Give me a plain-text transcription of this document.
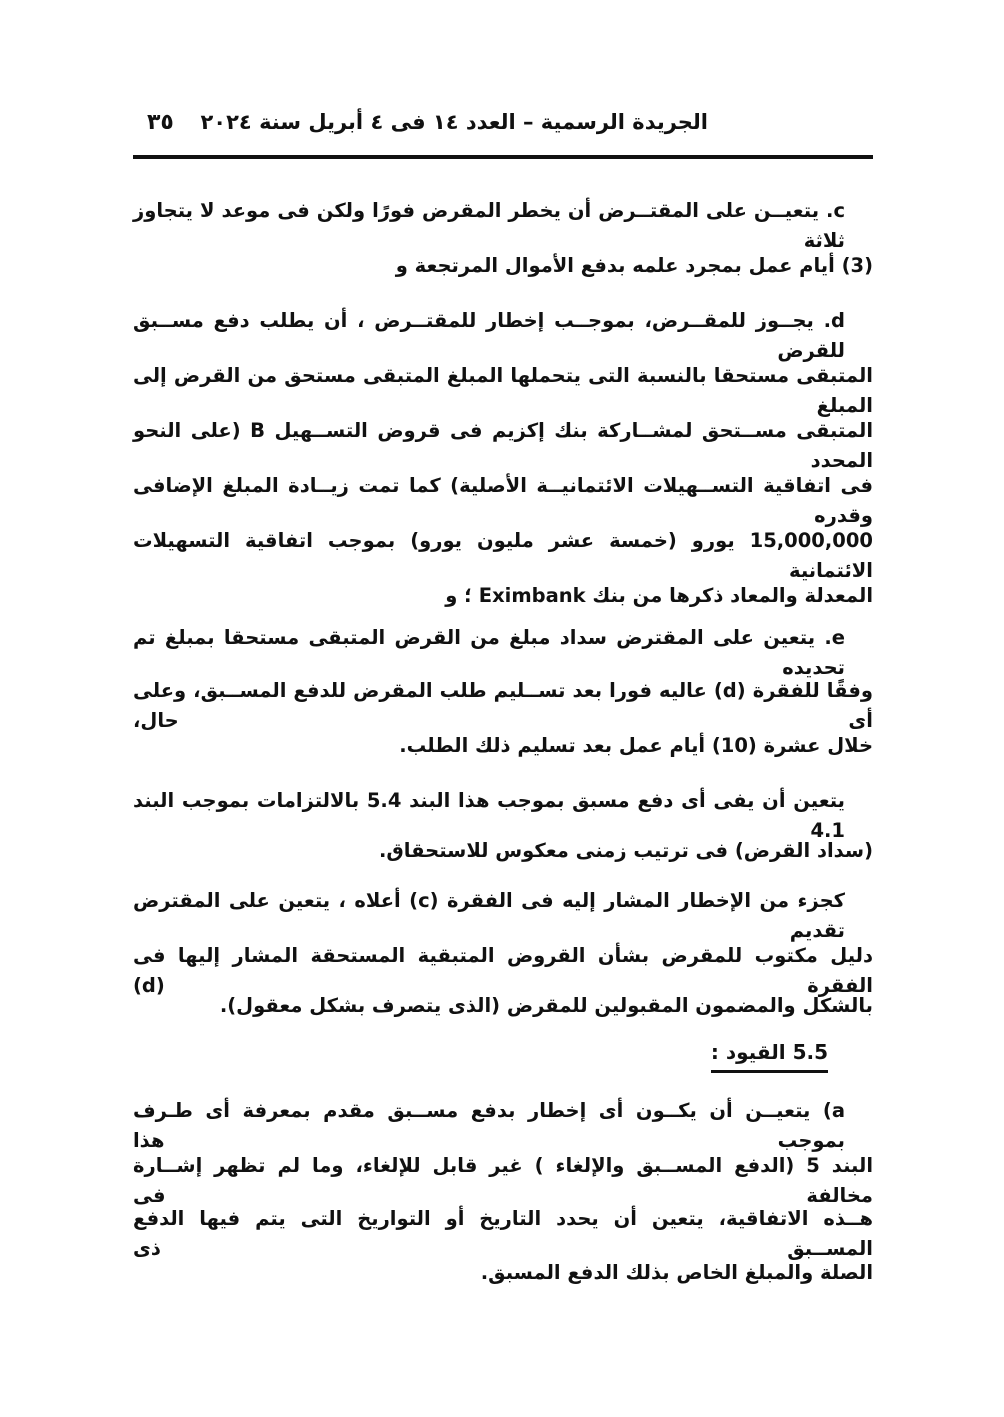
٣٥ الجريدة الرسمية – العدد ١٤ فى ٤ أبريل سنة ٢٠٢٤
c. يتعيــن على المقتــرض أن يخطر المقرض فورًا ولكن فى موعد لا يتجاوز ثلاثة
(3) أيام عمل بمجرد علمه بدفع الأموال المرتجعة و
d. يجــوز للمقــرض، بموجــب إخطار للمقتــرض ، أن يطلب دفع مســبق للقرض
المتبقى مستحقا بالنسبة التى يتحملها المبلغ المتبقى مستحق من القرض إلى المبلغ
المتبقى مســتحق لمشــاركة بنك إكزيم فى قروض التســهيل B (على النحو المحدد
فى اتفاقية التســهيلات الائتمانيــة الأصلية) كما تمت زيــادة المبلغ الإضافى وقدره
15,000,000 يورو (خمسة عشر مليون يورو) بموجب اتفاقية التسهيلات الائتمانية
المعدلة والمعاد ذكرها من بنك Eximbank ؛ و
e. يتعين على المقترض سداد مبلغ من القرض المتبقى مستحقا بمبلغ تم تحديده
وفقًا للفقرة (d) عاليه فورا بعد تســليم طلب المقرض للدفع المســبق، وعلى أى حال،
خلال عشرة (10) أيام عمل بعد تسليم ذلك الطلب.
يتعين أن يفى أى دفع مسبق بموجب هذا البند 5.4 بالالتزامات بموجب البند 4.1
(سداد القرض) فى ترتيب زمنى معكوس للاستحقاق.
كجزء من الإخطار المشار إليه فى الفقرة (c) أعلاه ، يتعين على المقترض تقديم
دليل مكتوب للمقرض بشأن القروض المتبقية المستحقة المشار إليها فى الفقرة (d)
بالشكل والمضمون المقبولين للمقرض (الذى يتصرف بشكل معقول).
a) يتعيــن أن يكــون أى إخطار بدفع مســبق مقدم بمعرفة أى طـرف بموجب هذا
البند 5 (الدفع المســبق والإلغاء ) غير قابل للإلغاء، وما لم تظهر إشــارة مخالفة فى
هــذه الاتفاقية، يتعين أن يحدد التاريخ أو التواريخ التى يتم فيها الدفع المســبق ذى
الصلة والمبلغ الخاص بذلك الدفع المسبق.
5.5 القيود :
